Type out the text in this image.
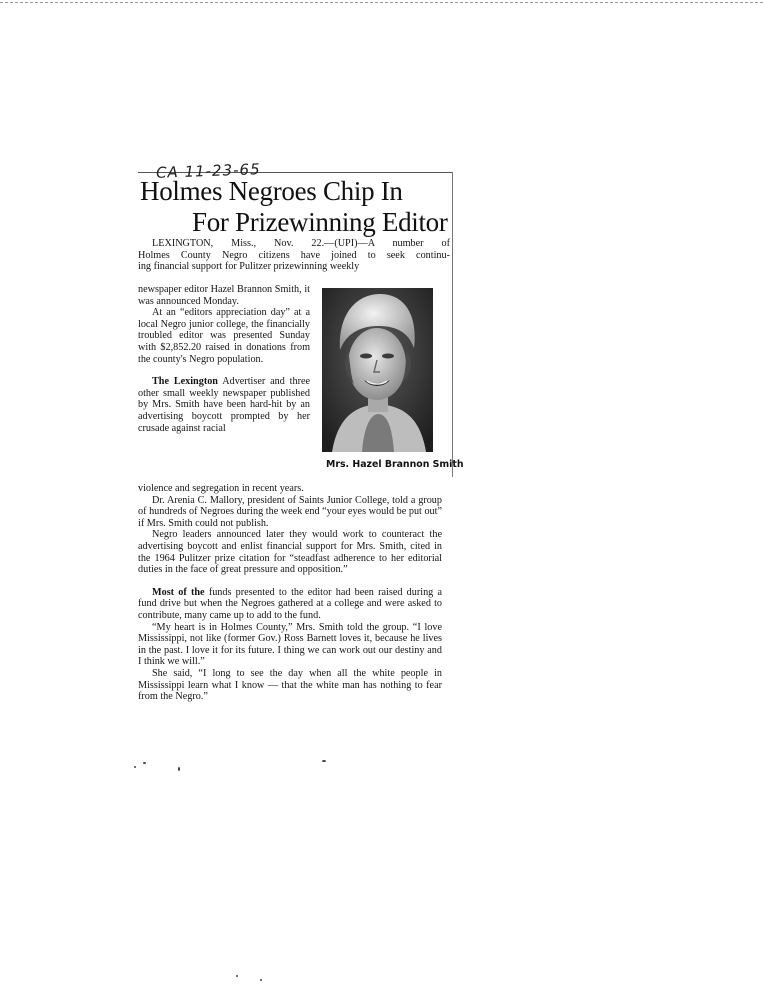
CA 11-23-65
Holmes Negroes Chip In
For Prizewinning Editor

LEXINGTON, Miss., Nov. 22.—(UPI)—A number of

Holmes County Negro citizens have joined to seek continu-

ing financial support for Pulitzer prizewinning weekly

newspaper editor Hazel Brannon Smith, it was announced Monday.

At an “editors appreciation day” at a local Negro junior college, the financially troubled editor was presented Sunday with $2,852.20 raised in donations from the county's Negro population.

The Lexington Advertiser and three other small weekly newspaper published by Mrs. Smith have been hard-hit by an advertising boycott prompted by her crusade against racial

Mrs. Hazel Brannon Smith

violence and segregation in recent years.

Dr. Arenia C. Mallory, president of Saints Junior College, told a group of hundreds of Negroes during the week end “your eyes would be put out” if Mrs. Smith could not publish.

Negro leaders announced later they would work to counteract the advertising boycott and enlist financial support for Mrs. Smith, cited in the 1964 Pulitzer prize citation for “steadfast adherence to her editorial duties in the face of great pressure and opposition.”

Most of the funds presented to the editor had been raised during a fund drive but when the Negroes gathered at a college and were asked to contribute, many came up to add to the fund.

“My heart is in Holmes County,” Mrs. Smith told the group. “I love Mississippi, not like (former Gov.) Ross Barnett loves it, because he lives in the past. I love it for its future. I thing we can work out our destiny and I think we will.”

She said, “I long to see the day when all the white people in Mississippi learn what I know — that the white man has nothing to fear from the Negro.”
